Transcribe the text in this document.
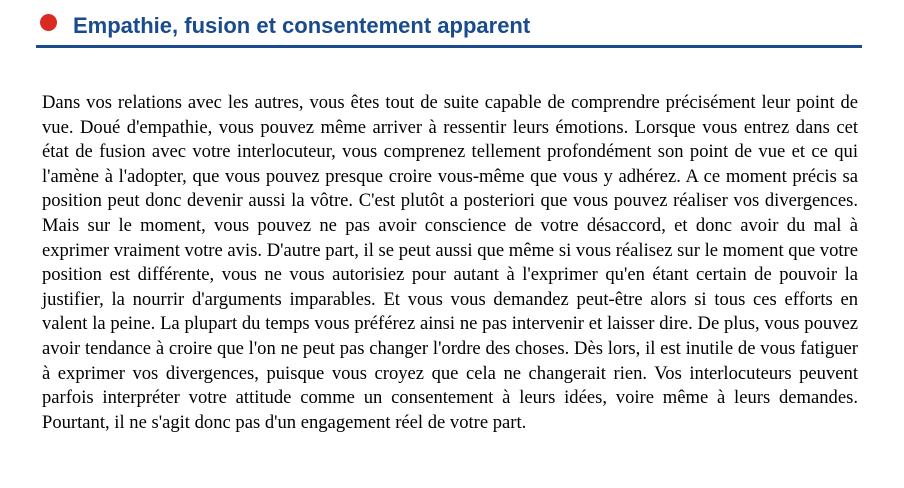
Empathie, fusion et consentement apparent

Dans vos relations avec les autres, vous êtes tout de suite capable de comprendre précisément leur point de vue. Doué d'empathie, vous pouvez même arriver à ressentir leurs émotions. Lorsque vous entrez dans cet état de fusion avec votre interlocuteur, vous comprenez tellement profondément son point de vue et ce qui l'amène à l'adopter, que vous pouvez presque croire vous-même que vous y adhérez. A ce moment précis sa position peut donc devenir aussi la vôtre. C'est plutôt a posteriori que vous pouvez réaliser vos divergences. Mais sur le moment, vous pouvez ne pas avoir conscience de votre désaccord, et donc avoir du mal à exprimer vraiment votre avis. D'autre part, il se peut aussi que même si vous réalisez sur le moment que votre position est différente, vous ne vous autorisiez pour autant à l'exprimer qu'en étant certain de pouvoir la justifier, la nourrir d'arguments imparables. Et vous vous demandez peut-être alors si tous ces efforts en valent la peine. La plupart du temps vous préférez ainsi ne pas intervenir et laisser dire. De plus, vous pouvez avoir tendance à croire que l'on ne peut pas changer l'ordre des choses. Dès lors, il est inutile de vous fatiguer à exprimer vos divergences, puisque vous croyez que cela ne changerait rien. Vos interlocuteurs peuvent parfois interpréter votre attitude comme un consentement à leurs idées, voire même à leurs demandes. Pourtant, il ne s'agit donc pas d'un engagement réel de votre part.
